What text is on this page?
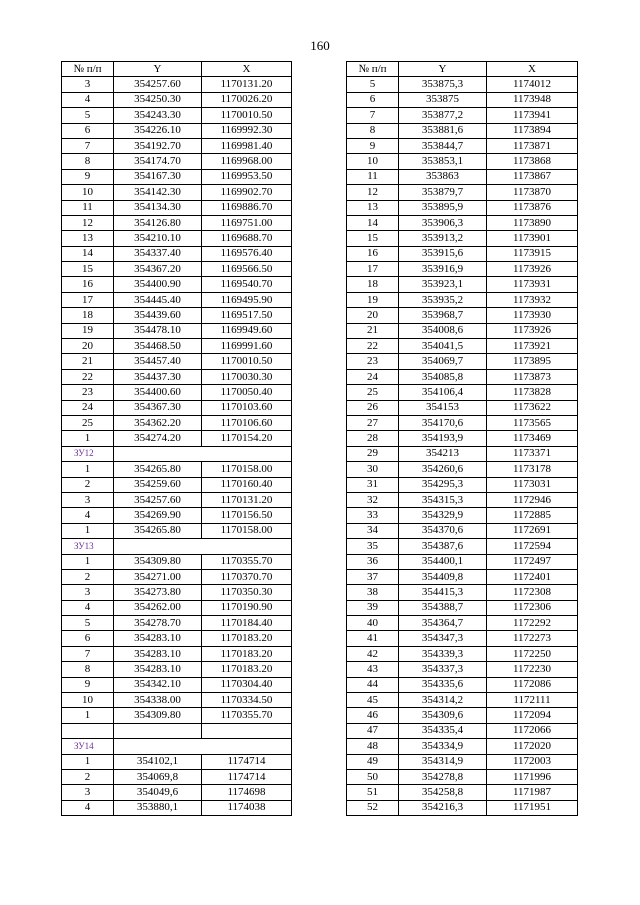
160
№ п/п	Y	X
3	354257.60	1170131.20
4	354250.30	1170026.20
5	354243.30	1170010.50
6	354226.10	1169992.30
7	354192.70	1169981.40
8	354174.70	1169968.00
9	354167.30	1169953.50
10	354142.30	1169902.70
11	354134.30	1169886.70
12	354126.80	1169751.00
13	354210.10	1169688.70
14	354337.40	1169576.40
15	354367.20	1169566.50
16	354400.90	1169540.70
17	354445.40	1169495.90
18	354439.60	1169517.50
19	354478.10	1169949.60
20	354468.50	1169991.60
21	354457.40	1170010.50
22	354437.30	1170030.30
23	354400.60	1170050.40
24	354367.30	1170103.60
25	354362.20	1170106.60
1	354274.20	1170154.20
ЗУ12		
1	354265.80	1170158.00
2	354259.60	1170160.40
3	354257.60	1170131.20
4	354269.90	1170156.50
1	354265.80	1170158.00
ЗУ13		
1	354309.80	1170355.70
2	354271.00	1170370.70
3	354273.80	1170350.30
4	354262.00	1170190.90
5	354278.70	1170184.40
6	354283.10	1170183.20
7	354283.10	1170183.20
8	354283.10	1170183.20
9	354342.10	1170304.40
10	354338.00	1170334.50
1	354309.80	1170355.70

ЗУ14		
1	354102,1	1174714
2	354069,8	1174714
3	354049,6	1174698
4	353880,1	1174038
№ п/п	Y	X
5	353875,3	1174012
6	353875	1173948
7	353877,2	1173941
8	353881,6	1173894
9	353844,7	1173871
10	353853,1	1173868
11	353863	1173867
12	353879,7	1173870
13	353895,9	1173876
14	353906,3	1173890
15	353913,2	1173901
16	353915,6	1173915
17	353916,9	1173926
18	353923,1	1173931
19	353935,2	1173932
20	353968,7	1173930
21	354008,6	1173926
22	354041,5	1173921
23	354069,7	1173895
24	354085,8	1173873
25	354106,4	1173828
26	354153	1173622
27	354170,6	1173565
28	354193,9	1173469
29	354213	1173371
30	354260,6	1173178
31	354295,3	1173031
32	354315,3	1172946
33	354329,9	1172885
34	354370,6	1172691
35	354387,6	1172594
36	354400,1	1172497
37	354409,8	1172401
38	354415,3	1172308
39	354388,7	1172306
40	354364,7	1172292
41	354347,3	1172273
42	354339,3	1172250
43	354337,3	1172230
44	354335,6	1172086
45	354314,2	1172111
46	354309,6	1172094
47	354335,4	1172066
48	354334,9	1172020
49	354314,9	1172003
50	354278,8	1171996
51	354258,8	1171987
52	354216,3	1171951
